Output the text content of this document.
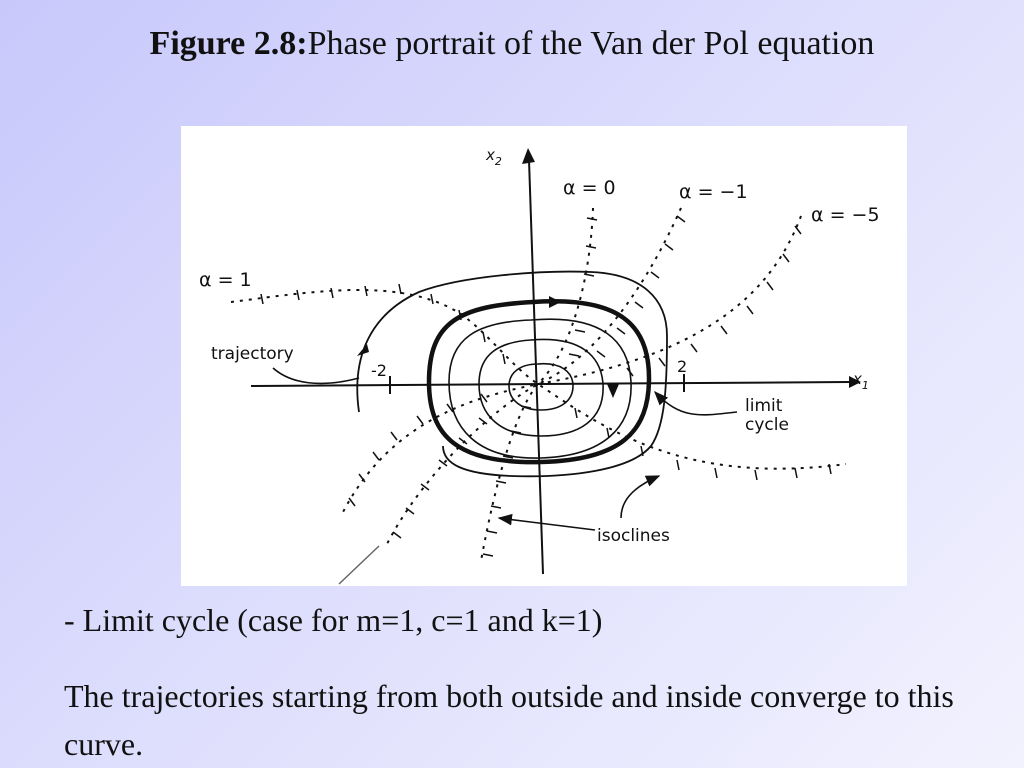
Figure 2.8:Phase portrait of the Van der Pol equation
$x_2$
$x_1$
-2	2
trajectory
limit
cycle
isoclines
α = 0	α = −1
α = −5
α = 1
- Limit cycle (case for m=1, c=1 and k=1)
The trajectories starting from both outside and inside converge to this curve.
